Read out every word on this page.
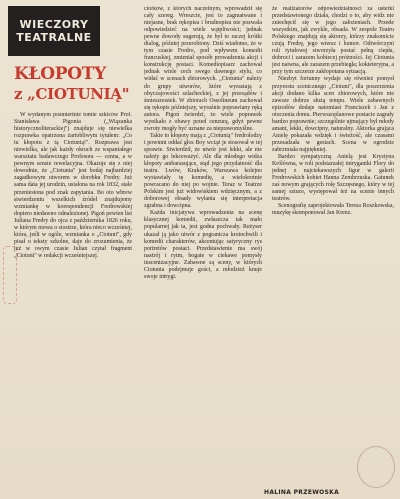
WIECZORY
TEATRALNE
KŁOPOTY
z „CIOTUNIĄ"

W wydanym pośmiertnie tomie szkiców Prof. Stanisława Pigonia („Wiązanka historycznoliterackiej") znajduje się niewielka rozprawka opatrzona żartobliwym tytułem: „Co tu kłopotu z tą Ciotunią!". Rozprawa jest niewielka, ale jak każdy okruch ze wspaniałego warsztatu badawczego Profesora — cenna, a w pewnym sensie rewelacyjna. Okazuje się z niej dowodnie, że „Ciotunia" jest bodaj najbardziej zagadkowym utworem w dorobku Fredry. Już sama data jej urodzin, ustalona na rok 1832, stale przeniesiona pod znak zapytania. Bo oto wbrew stwierdzeniu wszelkich źródeł znajdujemy wzmiankę w korespondencji Fredrowskiej dopiero niedawno odnalezionej. Pigoń pewien list Juliana Fredry do ojca z października 1826 roku, w którym mowa o siostrze, która nieco wcześniej, która, jeśli w ogóle, wzmianka o „Ciotuni", gdy pisał o teksty szkolne, daje do zrozumienia, że już w owym czasie Julian czytał fragment „Ciotuni" w redakcji wcześniejszej.

ciorków, z których naczelnym, wprowadził się cały szereg. Wreszcie, jest to zagmatwane i niejasne, brak rękopisu i brudnopisu nie pozwala odpowiedzieć na wiele wątpliwości; jednak pewne dowody sugerują, że był to raczej krótki dialog, później przerobiony. Dziś wiadomo, że w tym czasie Fredro, pod wpływem komedii francuskiej, zmieniał sposób prowadzenia akcji i konstrukcję postaci. Komediopisarz zachował jednak wiele cech swego dawnego stylu, co widać w scenach zbiorowych. „Ciotunia" należy do grupy utworów, które wyrastają z obyczajowości szlacheckiej, z jej przesądów i śmiesznostek. W zbiorach Ossolineum zachował się rękopis późniejszy, wyraźnie poprawiany ręką autora. Pigoń twierdzi, że wiele poprawek wynikało z obawy przed cenzurą, gdyż pewne zwroty mogły być uznane za nieprawomyślne.

Takie to kłopoty mają z „Ciotunią" fredrolodzy i powinni oddać głos Boy wciąż je stosował w tej sprawie. Stwierdził, że utwór jest lekki, ale nie należy go lekceważyć. Ale dla młodego widza kłopoty ambarasujące, stąd jego przydatność dla teatru. Lwów, Kraków, Warszawa kolejno wystawiały tę komedię, a wielokrotnie powracano do niej po wojnie. Teraz w Teatrze Polskim jest już widowiskiem wdzięcznym, a z doborowej obsady wyłania się interpretacja zgrabna i dowcipna.

Każda inicjatywa wprowadzenia na scenę klasycznej komedii, zwłaszcza tak mało popularnej jak ta, jest godna pochwały. Reżyser ukazał ją jako utwór z pogranicza krotochwili i komedii charakterów, akcentując satyryczny rys portretów postaci. Przedstawienie ma swój nastrój i rytm, bogate w ciekawe pomysły inscenizacyjne. Zabawne są sceny, w których Ciotunia podejmuje gości, a młodzież knuje swoje intrygi.

że realizatorów odpowiedzialności za usterki przedstawionego działa, chodzi o to, aby widz nie zniechęcił się w jego założeniach. Przede wszystkim, jak zwykle, obsada. W zespole Teatru Polskiego znajdują się aktorzy, którzy znakomicie czują Fredrę, jego wiersz i humor. Odtwórczyni roli tytułowej stworzyła postać pełną ciepła, dobroci i zarazem kobiecej próżności. Jej Ciotunia jest naiwna, ale zarazem przebiegła; kokieteryjna, a przy tym szczerze zakłopotana sytuacją.

Niezbyt fortunny wydaje się również pomysł przyrostu scenicznego „Ciotuni", dla poszerzenia akcji dodano kilka scen zbiorowych, które nie zawsze dobrze służą tempu. Wiele zabawnych epizodów dodaje natomiast Franciszek i Jan z otoczenia domu. Pierwszoplanowe postacie zagrały bardzo poprawnie; szczególnie ujmujący był młody amant, lekki, dowcipny, naturalny. Aktorka grająca Anielę pokazała wdzięk i świeżość, ale czasami przesadzała w gestach. Scena w ogrodzie zabrzmiała najpiękniej.

Bardzo sympatyczną Anielą jest Krystyna Królówna, w roli podstarzałej intrygantki Flory do jednej z najciekawszych figur w galerii Fredrowskich kobiet Hanna Zembrzuska. Gatunek zaś nowym grających rolę Szczęsnego, który w tej samej sztuce, występował też na scenie innych teatrów.

Scenografię zaprojektowała Teresa Roszkowska, muzykę skomponował Jan Krenz.

HALINA PRZEWOSKA
